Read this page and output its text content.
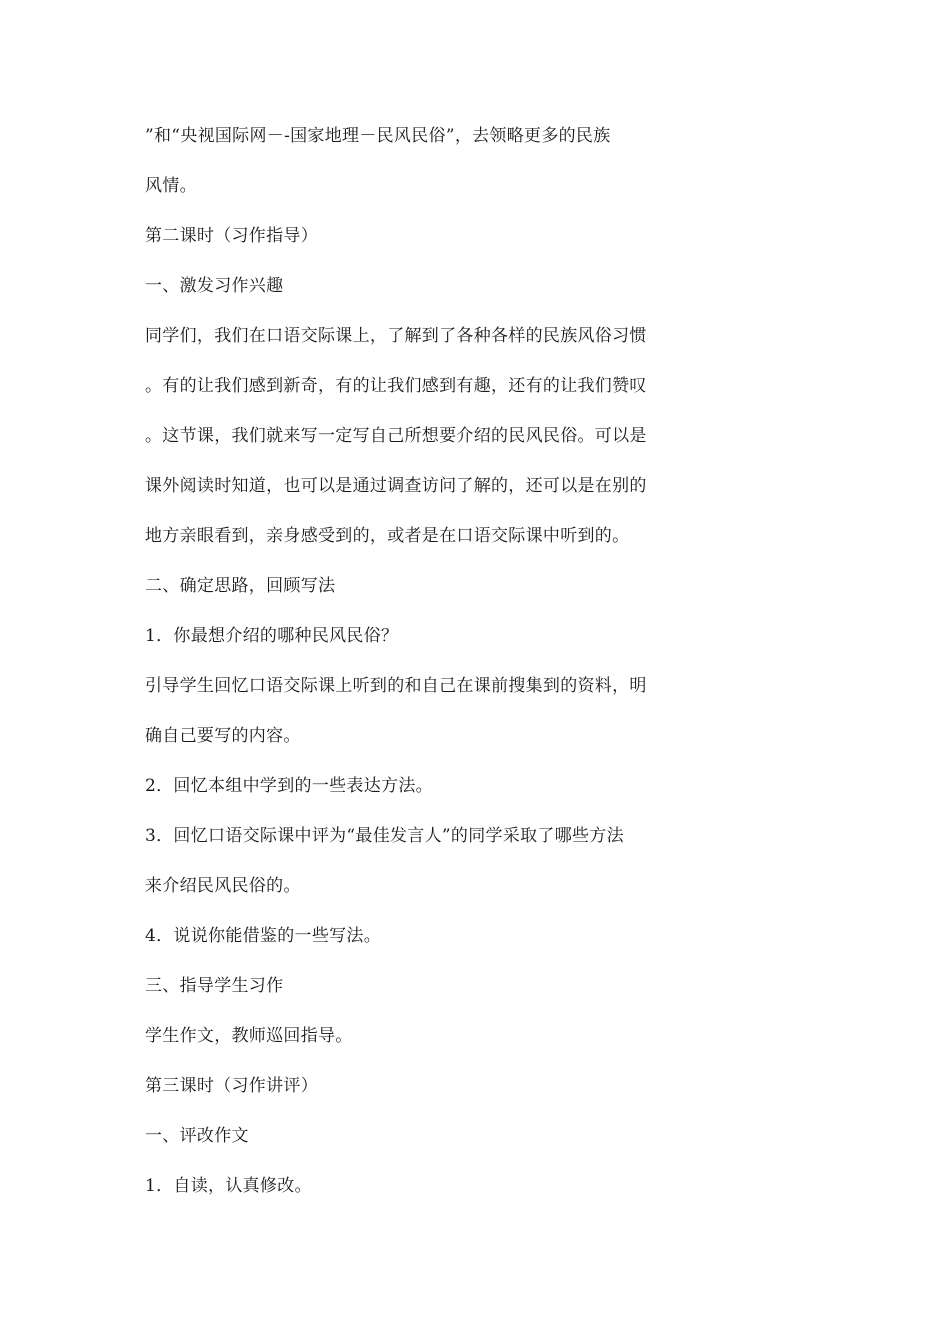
”和“央视国际网－-国家地理－民风民俗”，去领略更多的民族
风情。
第二课时（习作指导）
一、激发习作兴趣
同学们，我们在口语交际课上，了解到了各种各样的民族风俗习惯
。有的让我们感到新奇，有的让我们感到有趣，还有的让我们赞叹
。这节课，我们就来写一定写自己所想要介绍的民风民俗。可以是
课外阅读时知道，也可以是通过调查访问了解的，还可以是在别的
地方亲眼看到，亲身感受到的，或者是在口语交际课中听到的。
二、确定思路，回顾写法
1．你最想介绍的哪种民风民俗？
引导学生回忆口语交际课上听到的和自己在课前搜集到的资料，明
确自己要写的内容。
2．回忆本组中学到的一些表达方法。
3．回忆口语交际课中评为“最佳发言人”的同学采取了哪些方法
来介绍民风民俗的。
4．说说你能借鉴的一些写法。
三、指导学生习作
学生作文，教师巡回指导。
第三课时（习作讲评）
一、评改作文
1．自读，认真修改。
